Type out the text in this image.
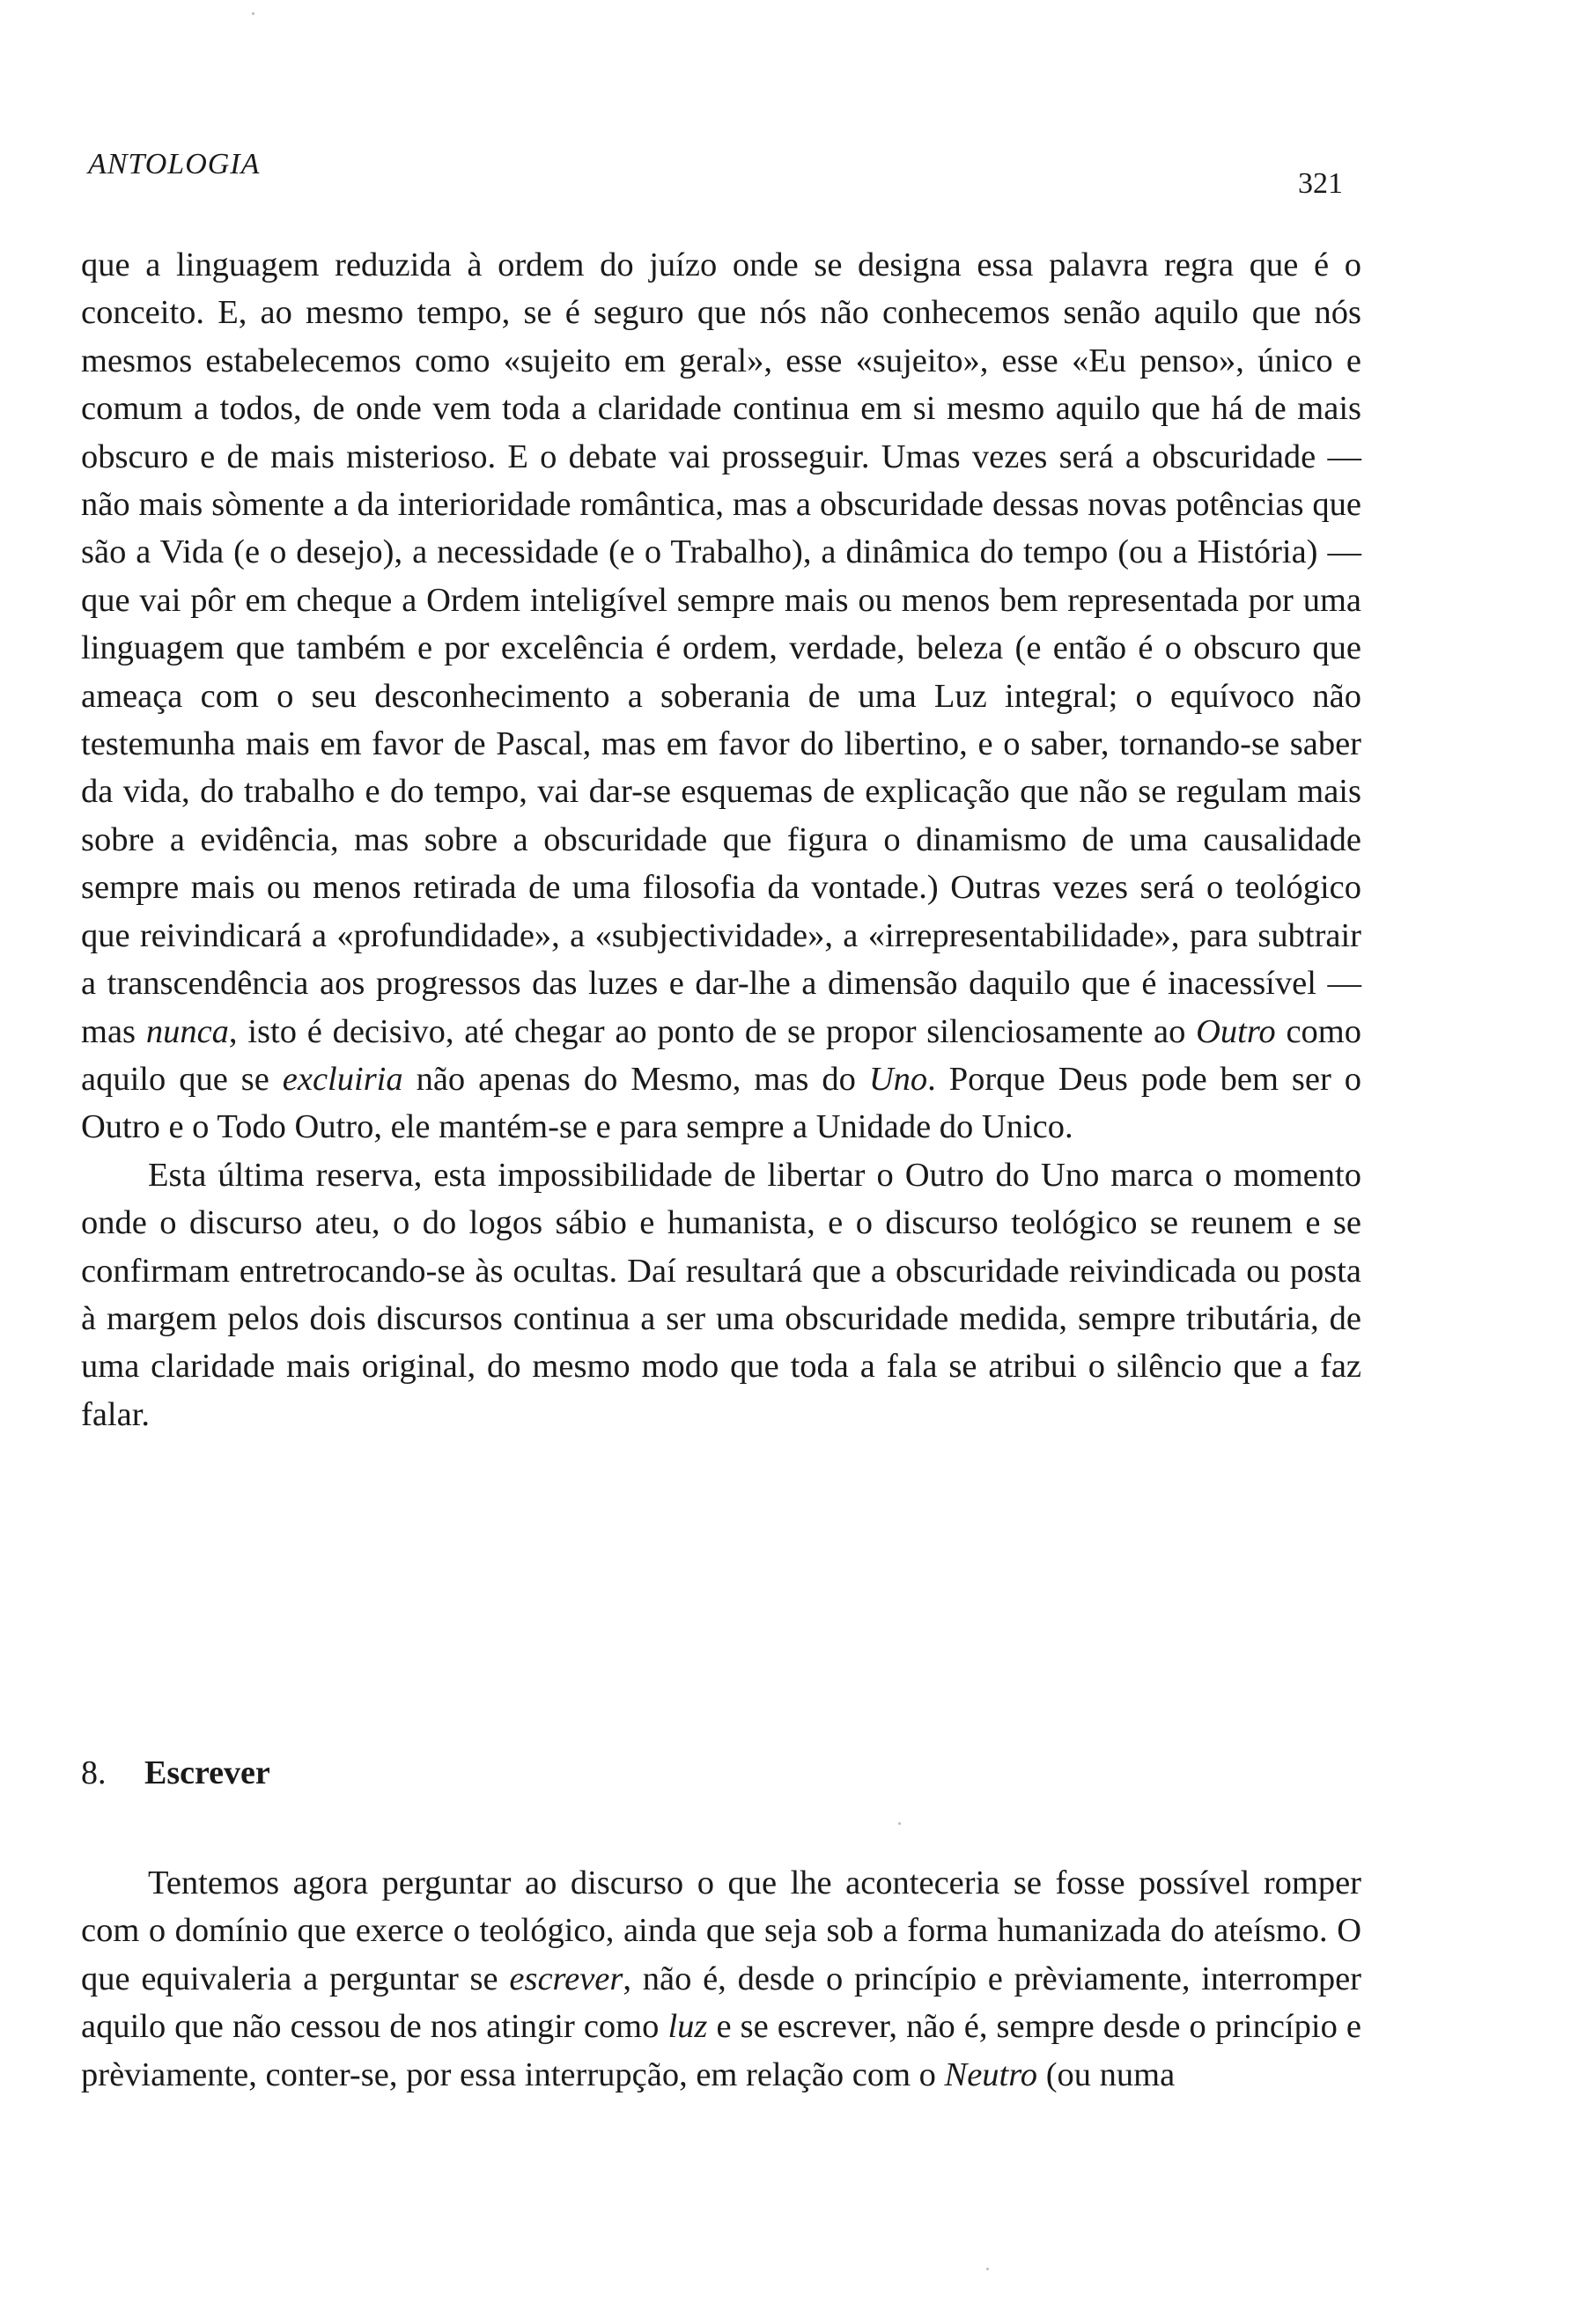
ANTOLOGIA
321

que a linguagem reduzida à ordem do juízo onde se designa essa palavra regra que é o conceito. E, ao mesmo tempo, se é seguro que nós não conhecemos senão aquilo que nós mesmos estabelecemos como «sujeito em geral», esse «sujeito», esse «Eu penso», único e comum a todos, de onde vem toda a claridade continua em si mesmo aquilo que há de mais obscuro e de mais misterioso. E o debate vai prosseguir. Umas vezes será a obscuridade — não mais sòmente a da interioridade romântica, mas a obscuridade dessas novas potências que são a Vida (e o desejo), a necessidade (e o Trabalho), a dinâmica do tempo (ou a História) — que vai pôr em cheque a Ordem inteligível sempre mais ou menos bem representada por uma linguagem que também e por excelência é ordem, verdade, beleza (e então é o obscuro que ameaça com o seu desconhecimento a soberania de uma Luz integral; o equívoco não testemunha mais em favor de Pascal, mas em favor do libertino, e o saber, tornando-se saber da vida, do trabalho e do tempo, vai dar-se esquemas de explicação que não se regulam mais sobre a evidência, mas sobre a obscuridade que figura o dinamismo de uma causalidade sempre mais ou menos retirada de uma filosofia da vontade.) Outras vezes será o teológico que reivindicará a «profundidade», a «subjectividade», a «irrepresentabilidade», para subtrair a transcendência aos progressos das luzes e dar-lhe a dimensão daquilo que é inacessível — mas nunca, isto é decisivo, até chegar ao ponto de se propor silenciosamente ao Outro como aquilo que se excluiria não apenas do Mesmo, mas do Uno. Porque Deus pode bem ser o Outro e o Todo Outro, ele mantém-se e para sempre a Unidade do Unico.

Esta última reserva, esta impossibilidade de libertar o Outro do Uno marca o momento onde o discurso ateu, o do logos sábio e humanista, e o discurso teológico se reunem e se confirmam entretrocando-se às ocultas. Daí resultará que a obscuridade reivindicada ou posta à margem pelos dois discursos continua a ser uma obscuridade medida, sempre tributária, de uma claridade mais original, do mesmo modo que toda a fala se atribui o silêncio que a faz falar.

8. Escrever

Tentemos agora perguntar ao discurso o que lhe aconteceria se fosse possível romper com o domínio que exerce o teológico, ainda que seja sob a forma humanizada do ateísmo. O que equivaleria a perguntar se escrever, não é, desde o princípio e prèviamente, interromper aquilo que não cessou de nos atingir como luz e se escrever, não é, sempre desde o princípio e prèviamente, conter-se, por essa interrupção, em relação com o Neutro (ou numa
